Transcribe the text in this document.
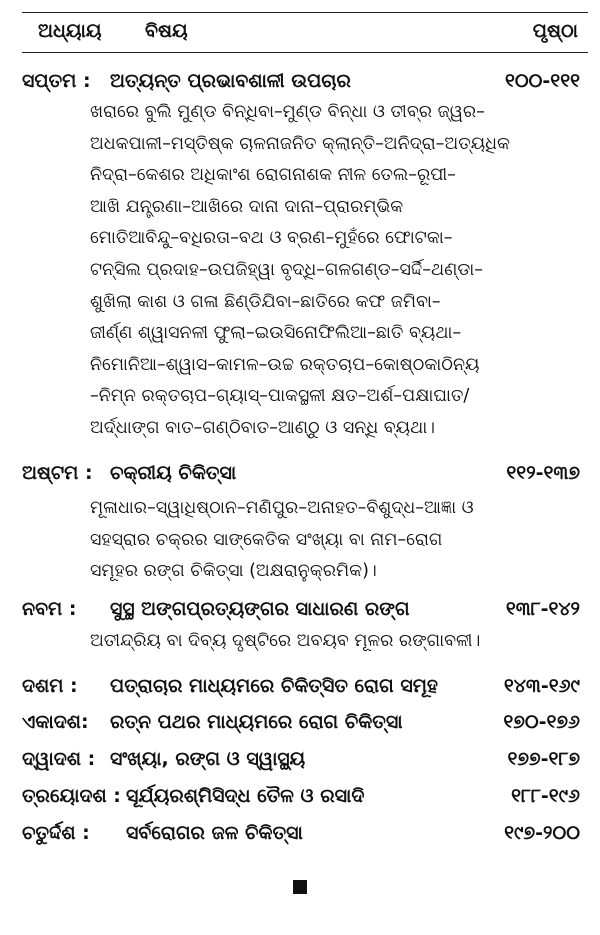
ଅଧ୍ୟାୟ ବିଷୟ	ପୃଷ୍ଠା
ସପ୍ତମ : ଅତ୍ୟନ୍ତ ପ୍ରଭାବଶାଳୀ ଉପଚାର	୧୦୦-୧୧୧
ଖରାରେ ବୁଲି ମୁଣ୍ଡ ବିନ୍ଧିବା–ମୁଣ୍ଡ ବିନ୍ଧା ଓ ତୀବ୍ର ଜ୍ୱର–
ଅଧକପାଳୀ–ମସ୍ତିଷ୍କ ଚାଳନାଜନିତ କ୍ଲାନ୍ତି–ଅନିଦ୍ରା–ଅତ୍ୟଧିକ
ନିଦ୍ରା–କେଶର ଅଧିକାଂଶ ରୋଗନାଶକ ନୀଳ ତେଲ–ରୂପୀ–
ଆଖି ଯନ୍ତ୍ରଣା–ଆଖିରେ ଦାନା ଦାନା–ପ୍ରାରମ୍ଭିକ
ମୋତିଆବିନ୍ଦୁ–ବଧିରତା–ବଥ ଓ ବ୍ରଣ–ମୁହଁରେ ଫୋଟକା–
ଟନ୍‌ସିଲ ପ୍ରଦାହ–ଉପଜିହ୍ୱା ବୃଦ୍ଧି–ଗଳଗଣ୍ଡ–ସର୍ଦ୍ଦି–ଥଣ୍ଡା–
ଶୁଖିଲା କାଶ ଓ ଗଳା ଛିଣ୍ଡିଯିବା–ଛାତିରେ କଫ ଜମିବା–
ଜୀର୍ଣ୍ଣ ଶ୍ୱାସନଳୀ ଫୁଲା–ଇଉସିନୋଫିଲିଆ–ଛାତି ବ୍ୟଥା–
ନିମୋନିଆ–ଶ୍ୱାସ–କାମଳ–ଉଚ୍ଚ ରକ୍ତଚାପ–କୋଷ୍ଠକାଠିନ୍ୟ
–ନିମ୍ନ ରକ୍ତଚାପ–ଗ୍ୟାସ୍–ପାକସ୍ଥଳୀ କ୍ଷତ–ଅର୍ଶ–ପକ୍ଷାଘାତ/
ଅର୍ଦ୍ଧାଙ୍ଗ ବାତ–ଗଣ୍ଠିବାତ–ଆଣ୍ଠୁ ଓ ସନ୍ଧି ବ୍ୟଥା।
ଅଷ୍ଟମ : ଚକ୍ରୀୟ ଚିକିତ୍ସା	୧୧୨-୧୩୭
ମୂଳାଧାର–ସ୍ୱାଧିଷ୍ଠାନ–ମଣିପୁର–ଅନାହତ–ବିଶୁଦ୍ଧ–ଆଜ୍ଞା ଓ
ସହସ୍ରାର ଚକ୍ରର ସାଙ୍କେତିକ ସଂଖ୍ୟା ବା ନାମ–ରୋଗ
ସମୂହର ରଙ୍ଗ ଚିକିତ୍ସା (ଅକ୍ଷରାନୁକ୍ରମିକ)।
ନବମ : ସୁସ୍ଥ ଅଙ୍ଗପ୍ରତ୍ୟଙ୍ଗର ସାଧାରଣ ରଙ୍ଗ	୧୩୮-୧୪୨
ଅତୀନ୍ଦ୍ରିୟ ବା ଦିବ୍ୟ ଦୃଷ୍ଟିରେ ଅବୟବ ମୂଳର ରଙ୍ଗାବଳୀ।
ଦଶମ : ପତ୍ରାଚାର ମାଧ୍ୟମରେ ଚିକିତ୍ସିତ ରୋଗ ସମୂହ	୧୪୩-୧୬୯
ଏକାଦଶ: ରତ୍ନ ପଥର ମାଧ୍ୟମରେ ରୋଗ ଚିକିତ୍ସା	୧୭୦-୧୭୬
ଦ୍ୱାଦଶ : ସଂଖ୍ୟା, ରଙ୍ଗ ଓ ସ୍ୱାସ୍ଥ୍ୟ	୧୭୭-୧୮୭
ତ୍ରୟୋଦଶ : ସୂର୍ଯ୍ୟରଶ୍ମିସିଦ୍ଧ ତୈଳ ଓ ରସାଦି	୧୮୮-୧୯୬
ଚତୁର୍ଦ୍ଦଶ : ସର୍ବରୋଗର ଜଳ ଚିକିତ୍ସା	୧୯୭-୨୦୦
